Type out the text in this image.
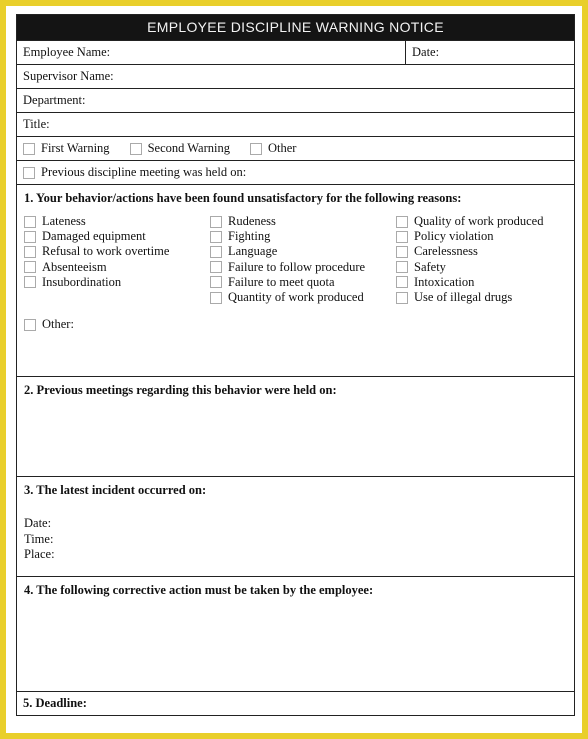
EMPLOYEE DISCIPLINE WARNING NOTICE
Employee Name:	Date:
Supervisor Name:
Department:
Title:
First Warning	Second Warning	Other
Previous discipline meeting was held on:
1. Your behavior/actions have been found unsatisfactory for the following reasons:
Lateness
Damaged equipment
Refusal to work overtime
Absenteeism
Insubordination
Rudeness
Fighting
Language
Failure to follow procedure
Failure to meet quota
Quantity of work produced
Quality of work produced
Policy violation
Carelessness
Safety
Intoxication
Use of illegal drugs
Other:
2. Previous meetings regarding this behavior were held on:
3. The latest incident occurred on:
Date:
Time:
Place:
4. The following corrective action must be taken by the employee:
5. Deadline:
